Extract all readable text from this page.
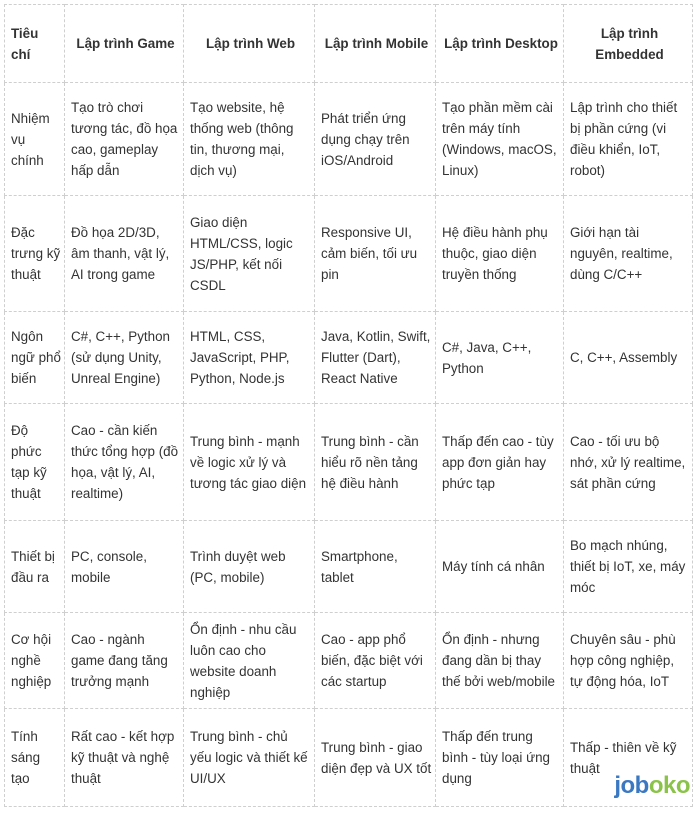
Tiêu chí	Lập trình Game	Lập trình Web	Lập trình Mobile	Lập trình Desktop	Lập trình Embedded
Nhiệm vụ chính	Tạo trò chơi tương tác, đồ họa cao, gameplay hấp dẫn	Tạo website, hệ thống web (thông tin, thương mại, dịch vụ)	Phát triển ứng dụng chạy trên iOS/Android	Tạo phần mềm cài trên máy tính (Windows, macOS, Linux)	Lập trình cho thiết bị phần cứng (vi điều khiển, IoT, robot)
Đặc trưng kỹ thuật	Đồ họa 2D/3D, âm thanh, vật lý, AI trong game	Giao diện HTML/CSS, logic JS/PHP, kết nối CSDL	Responsive UI, cảm biến, tối ưu pin	Hệ điều hành phụ thuộc, giao diện truyền thống	Giới hạn tài nguyên, realtime, dùng C/C++
Ngôn ngữ phổ biến	C#, C++, Python (sử dụng Unity, Unreal Engine)	HTML, CSS, JavaScript, PHP, Python, Node.js	Java, Kotlin, Swift, Flutter (Dart), React Native	C#, Java, C++, Python	C, C++, Assembly
Độ phức tạp kỹ thuật	Cao - cần kiến thức tổng hợp (đồ họa, vật lý, AI, realtime)	Trung bình - mạnh về logic xử lý và tương tác giao diện	Trung bình - cần hiểu rõ nền tảng hệ điều hành	Thấp đến cao - tùy app đơn giản hay phức tạp	Cao - tối ưu bộ nhớ, xử lý realtime, sát phần cứng
Thiết bị đầu ra	PC, console, mobile	Trình duyệt web (PC, mobile)	Smartphone, tablet	Máy tính cá nhân	Bo mạch nhúng, thiết bị IoT, xe, máy móc
Cơ hội nghề nghiệp	Cao - ngành game đang tăng trưởng mạnh	Ổn định - nhu cầu luôn cao cho website doanh nghiệp	Cao - app phổ biến, đặc biệt với các startup	Ổn định - nhưng đang dần bị thay thế bởi web/mobile	Chuyên sâu - phù hợp công nghiệp, tự động hóa, IoT
Tính sáng tạo	Rất cao - kết hợp kỹ thuật và nghệ thuật	Trung bình - chủ yếu logic và thiết kế UI/UX	Trung bình - giao diện đẹp và UX tốt	Thấp đến trung bình - tùy loại ứng dụng	Thấp - thiên về kỹ thuật
joboko
